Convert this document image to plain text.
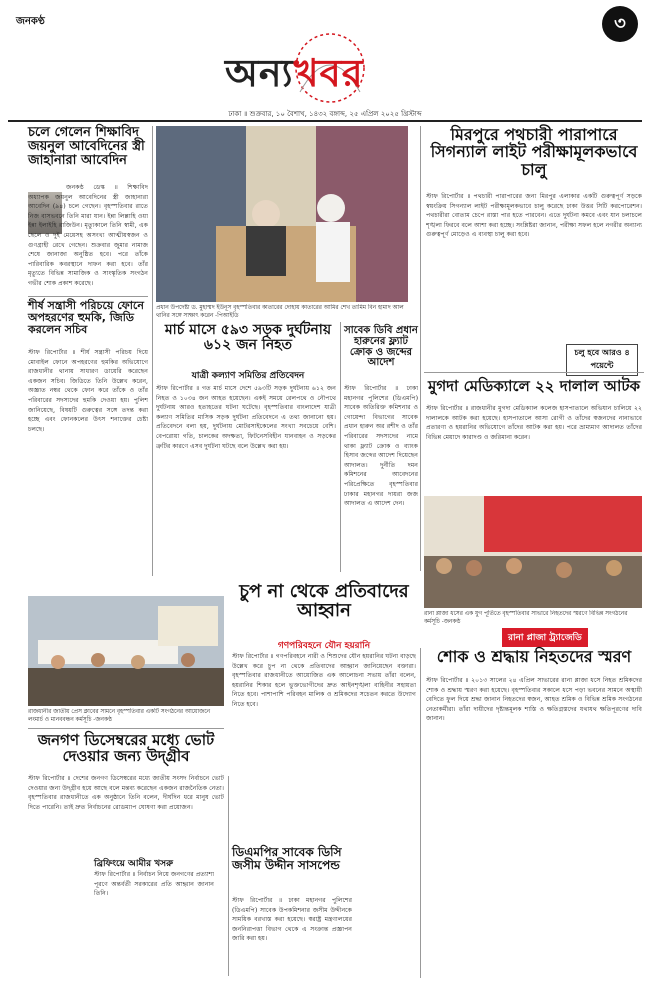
জনকণ্ঠ
অন্যখবর
৩
ঢাকা ॥ শুক্রবার, ১০ বৈশাখ, ১৪৩২ বঙ্গাব্দ, ২৫ এপ্রিল ২০২৫ খ্রিস্টাব্দ
চলে গেলেন শিক্ষাবিদ জয়নুল আবেদিনের স্ত্রী জাহানারা আবেদিন
জনকণ্ঠ ডেস্ক ॥ শিক্ষাবিদ অধ্যাপক জয়নুল আবেদিনের স্ত্রী জাহানারা আবেদিন (৯৪) চলে গেছেন। বৃহস্পতিবার রাতে নিজ বাসভবনে তিনি মারা যান। ইন্না লিল্লাহি ওয়া ইন্না ইলাইহি রাজিউন। মৃত্যুকালে তিনি স্বামী, এক ছেলে ও দুই মেয়েসহ অসংখ্য আত্মীয়স্বজন ও গুণগ্রাহী রেখে গেছেন। শুক্রবার জুমার নামাজ শেষে জানাজা অনুষ্ঠিত হবে। পরে তাঁকে পারিবারিক কবরস্থানে দাফন করা হবে। তাঁর মৃত্যুতে বিভিন্ন সামাজিক ও সাংস্কৃতিক সংগঠন গভীর শোক প্রকাশ করেছে।
শীর্ষ সন্ত্রাসী পরিচয়ে ফোনে অপহরণের হুমকি, জিডি করলেন সচিব
স্টাফ রিপোর্টার ॥ শীর্ষ সন্ত্রাসী পরিচয় দিয়ে মোবাইল ফোনে অপহরণের হুমকির অভিযোগে রাজধানীর থানায় সাধারণ ডায়েরি করেছেন একজন সচিব। জিডিতে তিনি উল্লেখ করেন, অজ্ঞাত নম্বর থেকে ফোন করে তাঁকে ও তাঁর পরিবারের সদস্যদের হুমকি দেওয়া হয়। পুলিশ জানিয়েছে, বিষয়টি গুরুত্বের সঙ্গে তদন্ত করা হচ্ছে এবং ফোনকলের উৎস শনাক্তের চেষ্টা চলছে।
প্রধান উপদেষ্টা ড. মুহাম্মদ ইউনূস বৃহস্পতিবার কাতারের দোহায় কাতারের আমির শেখ তামিম বিন হামাদ আল থানির সঙ্গে সাক্ষাৎ করেন -পিআইডি
মার্চ মাসে ৫৯৩ সড়ক দুর্ঘটনায় ৬১২ জন নিহত
যাত্রী কল্যাণ সমিতির প্রতিবেদন
স্টাফ রিপোর্টার ॥ গত মার্চ মাসে দেশে ৫৯৩টি সড়ক দুর্ঘটনায় ৬১২ জন নিহত ও ১০৩৪ জন আহত হয়েছেন। একই সময়ে রেলপথে ও নৌপথে দুর্ঘটনায় আরও হতাহতের ঘটনা ঘটেছে। বৃহস্পতিবার বাংলাদেশ যাত্রী কল্যাণ সমিতির মাসিক সড়ক দুর্ঘটনা প্রতিবেদনে এ তথ্য জানানো হয়। প্রতিবেদনে বলা হয়, দুর্ঘটনায় মোটরসাইকেলের সংখ্যা সবচেয়ে বেশি। বেপরোয়া গতি, চালকের অদক্ষতা, ফিটনেসবিহীন যানবাহন ও সড়কের ত্রুটির কারণে এসব দুর্ঘটনা ঘটছে বলে উল্লেখ করা হয়।
সাবেক ডিবি প্রধান হারুনের ফ্ল্যাট ক্রোক ও জব্দের আদেশ
স্টাফ রিপোর্টার ॥ ঢাকা মহানগর পুলিশের (ডিএমপি) সাবেক অতিরিক্ত কমিশনার ও গোয়েন্দা বিভাগের সাবেক প্রধান হারুন অর রশীদ ও তাঁর পরিবারের সদস্যদের নামে থাকা ফ্ল্যাট ক্রোক ও ব্যাংক হিসাব জব্দের আদেশ দিয়েছেন আদালত। দুর্নীতি দমন কমিশনের আবেদনের পরিপ্রেক্ষিতে বৃহস্পতিবার ঢাকার মহানগর দায়রা জজ আদালত এ আদেশ দেন।
মিরপুরে পথচারী পারাপারে সিগন্যাল লাইট পরীক্ষামূলকভাবে চালু
স্টাফ রিপোর্টার ॥ পথচারী পারাপারের জন্য মিরপুর এলাকার একটি গুরুত্বপূর্ণ সড়কে স্বয়ংক্রিয় সিগন্যাল লাইট পরীক্ষামূলকভাবে চালু করেছে ঢাকা উত্তর সিটি করপোরেশন। পথচারীরা বোতাম চেপে রাস্তা পার হতে পারবেন। এতে দুর্ঘটনা কমবে এবং যান চলাচলে শৃঙ্খলা ফিরবে বলে আশা করা হচ্ছে। সংশ্লিষ্টরা জানান, পরীক্ষা সফল হলে নগরীর অন্যান্য গুরুত্বপূর্ণ মোড়েও এ ব্যবস্থা চালু করা হবে।
চলু হবে আরও ৪ পয়েন্টে
মুগদা মেডিক্যালে ২২ দালাল আটক
স্টাফ রিপোর্টার ॥ রাজধানীর মুগদা মেডিক্যাল কলেজ হাসপাতালে অভিযান চালিয়ে ২২ দালালকে আটক করা হয়েছে। হাসপাতালে আসা রোগী ও তাঁদের স্বজনদের নানাভাবে প্রতারণা ও হয়রানির অভিযোগে তাঁদের আটক করা হয়। পরে ভ্রাম্যমাণ আদালত তাঁদের বিভিন্ন মেয়াদে কারাদণ্ড ও জরিমানা করেন।
রানা প্লাজা ধসের এক যুগ পূর্তিতে বৃহস্পতিবার সাভারে নিহতদের স্মরণে বিভিন্ন সংগঠনের কর্মসূচি -জনকণ্ঠ
রাজধানীর জাতীয় প্রেস ক্লাবের সামনে বৃহস্পতিবার একটি সংগঠনের আয়োজনে লংমার্চ ও মানববন্ধন কর্মসূচি -জনকণ্ঠ
চুপ না থেকে প্রতিবাদের আহ্বান
গণপরিবহনে যৌন হয়রানি
স্টাফ রিপোর্টার ॥ গণপরিবহনে নারী ও শিশুদের যৌন হয়রানির ঘটনা বাড়ছে উল্লেখ করে চুপ না থেকে প্রতিবাদের আহ্বান জানিয়েছেন বক্তারা। বৃহস্পতিবার রাজধানীতে আয়োজিত এক আলোচনা সভায় তাঁরা বলেন, হয়রানির শিকার হলে ভুক্তভোগীদের দ্রুত আইনশৃঙ্খলা বাহিনীর সহায়তা নিতে হবে। পাশাপাশি পরিবহন মালিক ও শ্রমিকদের সচেতন করতে উদ্যোগ নিতে হবে।
রানা প্লাজা ট্র্যাজেডি
শোক ও শ্রদ্ধায় নিহতদের স্মরণ
স্টাফ রিপোর্টার ॥ ২০১৩ সালের ২৪ এপ্রিল সাভারের রানা প্লাজা ধসে নিহত শ্রমিকদের শোক ও শ্রদ্ধায় স্মরণ করা হয়েছে। বৃহস্পতিবার সকালে ধসে পড়া ভবনের সামনে অস্থায়ী বেদিতে ফুল দিয়ে শ্রদ্ধা জানান নিহতদের স্বজন, আহত শ্রমিক ও বিভিন্ন শ্রমিক সংগঠনের নেতাকর্মীরা। তাঁরা দায়ীদের দৃষ্টান্তমূলক শাস্তি ও ক্ষতিগ্রস্তদের যথাযথ ক্ষতিপূরণের দাবি জানান।
জনগণ ডিসেম্বরের মধ্যে ভোট দেওয়ার জন্য উদ্‌গ্রীব
স্টাফ রিপোর্টার ॥ দেশের জনগণ ডিসেম্বরের মধ্যে জাতীয় সংসদ নির্বাচনে ভোট দেওয়ার জন্য উদ্‌গ্রীব হয়ে আছে বলে মন্তব্য করেছেন একজন রাজনৈতিক নেতা। বৃহস্পতিবার রাজধানীতে এক অনুষ্ঠানে তিনি বলেন, দীর্ঘদিন ধরে মানুষ ভোট দিতে পারেনি। তাই দ্রুত নির্বাচনের রোডম্যাপ ঘোষণা করা প্রয়োজন।
ব্রিফিংয়ে আমীর খসরু
স্টাফ রিপোর্টার ॥ নির্বাচন নিয়ে জনগণের প্রত্যাশা পূরণে অন্তর্বর্তী সরকারের প্রতি আহ্বান জানান তিনি।
ডিএমপির সাবেক ডিসি জসীম উদ্দীন সাসপেন্ড
স্টাফ রিপোর্টার ॥ ঢাকা মহানগর পুলিশের (ডিএমপি) সাবেক উপকমিশনার জসীম উদ্দীনকে সাময়িক বরখাস্ত করা হয়েছে। স্বরাষ্ট্র মন্ত্রণালয়ের জননিরাপত্তা বিভাগ থেকে এ সংক্রান্ত প্রজ্ঞাপন জারি করা হয়।
